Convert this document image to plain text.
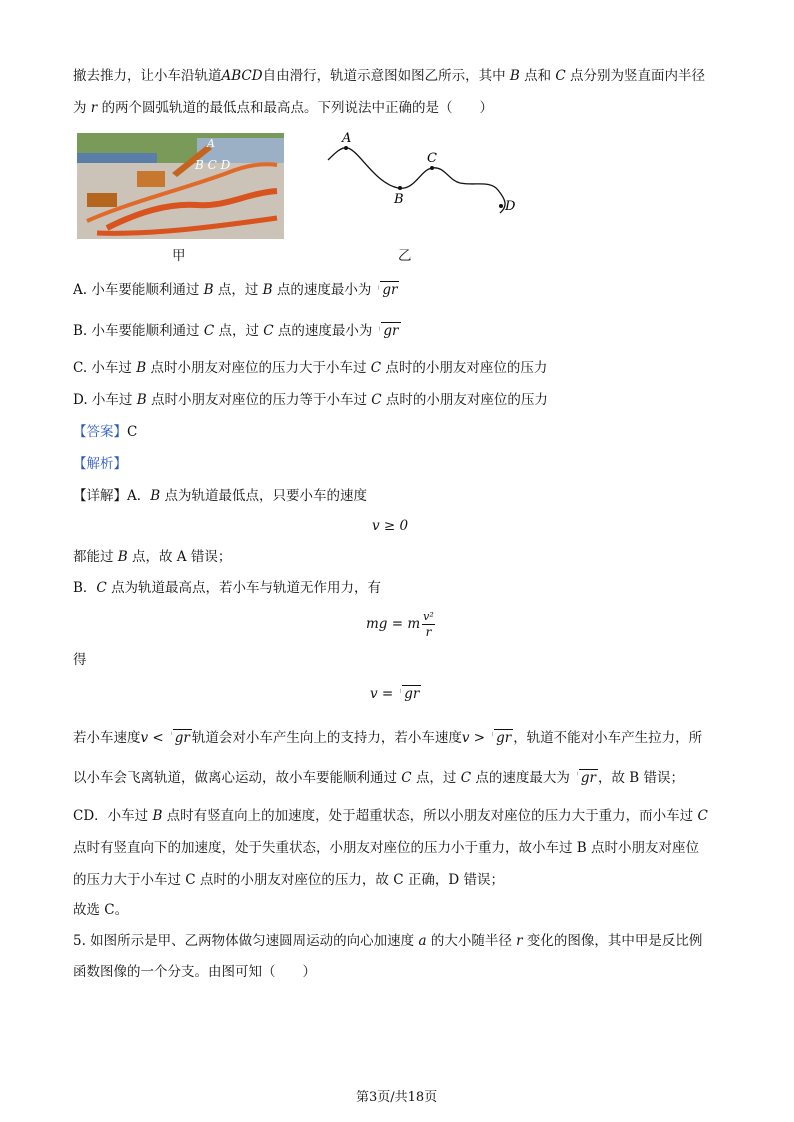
撤去推力，让小车沿轨道ABCD自由滑行，轨道示意图如图乙所示，其中 B 点和 C 点分别为竖直面内半径
为 r 的两个圆弧轨道的最低点和最高点。下列说法中正确的是（　　）
B C D
A
甲
A
B
C
D
乙
A. 小车要能顺利通过 B 点，过 B 点的速度最小为 gr
B. 小车要能顺利通过 C 点，过 C 点的速度最小为 gr
C. 小车过 B 点时小朋友对座位的压力大于小车过 C 点时的小朋友对座位的压力
D. 小车过 B 点时小朋友对座位的压力等于小车过 C 点时的小朋友对座位的压力
【答案】C
【解析】
【详解】A．B 点为轨道最低点，只要小车的速度
v ≥ 0
都能过 B 点，故 A 错误；
B．C 点为轨道最高点，若小车与轨道无作用力，有
mg = m $\frac{\text{v²}}{r}$
得
v = gr
若小车速度v < gr 轨道会对小车产生向上的支持力，若小车速度v > gr ，轨道不能对小车产生拉力，所
以小车会飞离轨道，做离心运动，故小车要能顺利通过 C 点，过 C 点的速度最大为 gr ，故 B 错误；
CD．小车过 B 点时有竖直向上的加速度，处于超重状态，所以小朋友对座位的压力大于重力，而小车过 C
点时有竖直向下的加速度，处于失重状态，小朋友对座位的压力小于重力，故小车过 B 点时小朋友对座位
的压力大于小车过 C 点时的小朋友对座位的压力，故 C 正确，D 错误；
故选 C。
5. 如图所示是甲、乙两物体做匀速圆周运动的向心加速度 a 的大小随半径 r 变化的图像，其中甲是反比例
函数图像的一个分支。由图可知（　　）
第3页/共18页
